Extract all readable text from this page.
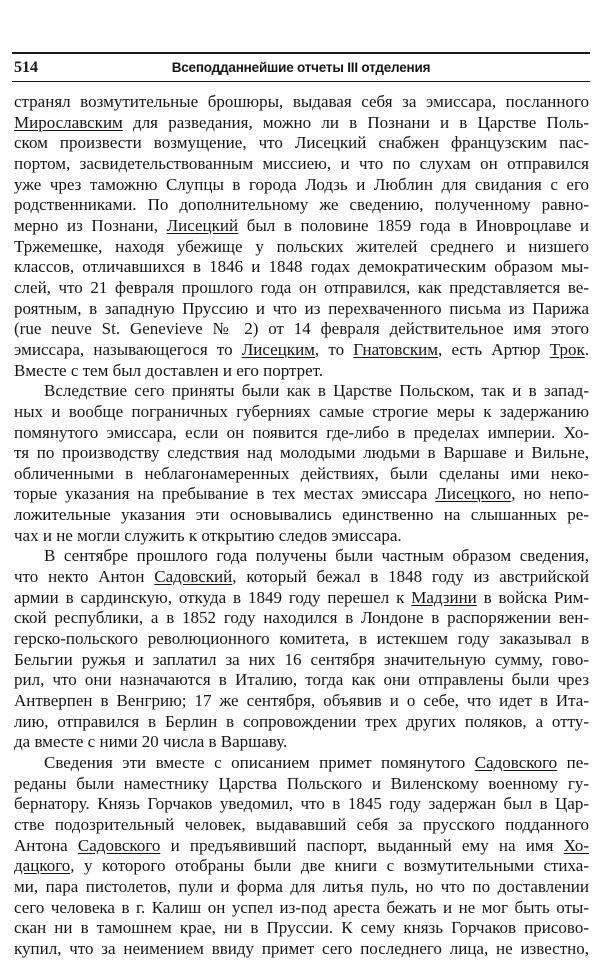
514	Всеподданнейшие отчеты III отделения
странял возмутительные брошюры, выдавая себя за эмиссара, посланного
Мирославским для разведания, можно ли в Познани и в Царстве Поль-
ском произвести возмущение, что Лисецкий снабжен французским пас-
портом, засвидетельствованным миссиею, и что по слухам он отправился
уже чрез таможню Слупцы в города Лодзь и Люблин для свидания с его
родственниками. По дополнительному же сведению, полученному равно-
мерно из Познани, Лисецкий был в половине 1859 года в Иновроцлаве и
Тржемешке, находя убежище у польских жителей среднего и низшего
классов, отличавшихся в 1846 и 1848 годах демократическим образом мы-
слей, что 21 февраля прошлого года он отправился, как представляется ве-
роятным, в западную Пруссию и что из перехваченного письма из Парижа
(rue neuve St. Genevieve № 2) от 14 февраля действительное имя этого
эмиссара, называющегося то Лисецким, то Гнатовским, есть Артюр Трок.
Вместе с тем был доставлен и его портрет.
Вследствие сего приняты были как в Царстве Польском, так и в запад-
ных и вообще пограничных губерниях самые строгие меры к задержанию
помянутого эмиссара, если он появится где-либо в пределах империи. Хо-
тя по производству следствия над молодыми людьми в Варшаве и Вильне,
обличенными в неблагонамеренных действиях, были сделаны ими неко-
торые указания на пребывание в тех местах эмиссара Лисецкого, но непо-
ложительные указания эти основывались единственно на слышанных ре-
чах и не могли служить к открытию следов эмиссара.
В сентябре прошлого года получены были частным образом сведения,
что некто Антон Садовский, который бежал в 1848 году из австрийской
армии в сардинскую, откуда в 1849 году перешел к Мадзини в войска Рим-
ской республики, а в 1852 году находился в Лондоне в распоряжении вен-
герско-польского революционного комитета, в истекшем году заказывал в
Бельгии ружья и заплатил за них 16 сентября значительную сумму, гово-
рил, что они назначаются в Италию, тогда как они отправлены были чрез
Антверпен в Венгрию; 17 же сентября, объявив и о себе, что идет в Ита-
лию, отправился в Берлин в сопровождении трех других поляков, а отту-
да вместе с ними 20 числа в Варшаву.
Сведения эти вместе с описанием примет помянутого Садовского пе-
реданы были наместнику Царства Польского и Виленскому военному гу-
бернатору. Князь Горчаков уведомил, что в 1845 году задержан был в Цар-
стве подозрительный человек, выдававший себя за прусского подданного
Антона Садовского и предъявивший паспорт, выданный ему на имя Хо-
дацкого, у которого отобраны были две книги с возмутительными стиха-
ми, пара пистолетов, пули и форма для литья пуль, но что по доставлении
сего человека в г. Калиш он успел из-под ареста бежать и не мог быть оты-
скан ни в тамошнем крае, ни в Пруссии. К сему князь Горчаков присово-
купил, что за неимением ввиду примет сего последнего лица, не известно,
